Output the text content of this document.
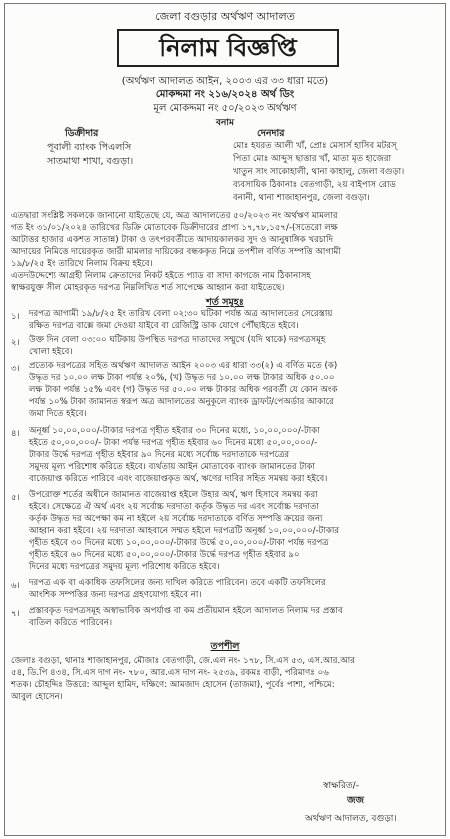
জেলা বগুড়ার অর্থঋণ আদালত
নিলাম বিজ্ঞপ্তি
(অর্থঋণ আদালত আইন, ২০০৩ এর ৩৩ ধারা মতে)
মোকদ্দমা নং ২১৬/২০২৪ অর্থ ডিং
মূল মোকদ্দমা নং ৫০/২০২৩ অর্থঋণ
বনাম
ডিক্রীদার
পূবালী ব্যাংক পিএলসি
সাতমাথা শাখা, বগুড়া।
দেনদার
মোঃ হযরত আলী খাঁ, প্রোঃ মেসার্স হাসিব মটরস্
পিতা মোঃ আব্দুস ছাত্তার খাঁ, মাতা মৃত হাজেরা
খাতুন সাং সাকোহালী, থানা কাহালু, জেলা বগুড়া।
ব্যবসায়িক ঠিকানাঃ বেতগাড়ী, ২য় বাইপাস রোড
বনানী, থানা শাজাহানপুর, জেলা বগুড়া।
এতদ্বারা সংশ্লিষ্ট সকলকে জানানো যাইতেছে যে, অত্র আদালতের ৫০/২০২৩ নং অর্থঋণ মামলার
গত ইং ৩১/০১/২০২৪ তারিখের ডিক্রি মোতাবেক ডিক্রীদারের প্রাপ্য ১৭,৭৮,১৫৭/-(সতেরো লক্ষ
আটাত্তর হাজার একশত সাতান্ন) টাকা ও তৎপরবর্তীতে আদায়কালকর সুদ ও আনুষাঙ্গিক খরচাদি
আদায়ের নিমিত্তে দায়েরকৃত জারী মামলার দায়িকের বন্ধককৃত নিম্নে তপশীল বর্ণিত সম্পত্তি আগামী
১৯/৮/২৫ ইং তারিখে নিলাম বিক্রয় হইবে।
এতদউদ্দেশ্যে আগ্রহী নিলাম ক্রেতাদের নিকট হইতে প্যাড বা সাদা কাগজে নাম ঠিকানাসহ
স্বাক্ষরযুক্ত সীল মোহরকৃত দরপত্র নিম্নলিখিত শর্ত সাপেক্ষে আহ্বান করা যাইতেছে।
শর্ত সমূহঃ
১। দরপত্র আগামী ১৯/৮/২৫ ইং তারিখ বেলা ০২:৩০ ঘটিকা পর্যন্ত অত্র আদালতের সেরেস্তায়
রক্ষিত দরপত্র বাক্সে জমা দেওয়া যাইবে বা রেজিস্ট্রি ডাক যোগে পৌঁছাইতে হইবে।
২। উক্ত দিন বেলা ০৩:০০ ঘটিকায় উপস্থিত দরপত্র দাতাদের সম্মুখে (যদি থাকে) দরপত্রসমূহ
খোলা হইবে।
৩। প্রত্যেক দরপত্রের সহিত অর্থঋণ আদালত আইন ২০০৩ এর ধারা ৩৩(২) এ বর্ণিত মতে (ক)
উদ্ধৃত দর ১০.০০ লক্ষ টাকা পর্যন্ত ২০%, (খ) উদ্ধৃত দর ১০.০০ লক্ষ টাকার অধিক ৫০.০০
লক্ষ টাকা পর্যন্ত ১৫% এবং (গ) উদ্ধৃত দর ৫০.০০ লক্ষ টাকার অধিক পরবর্তী যে কোন অংক
পর্যন্ত ১০% টাকা জামানত স্বরূপ অত্র আদালতের অনুকূলে ব্যাংক ড্রাফট/পেঅর্ডার আকারে
জমা দিতে হইবে।
৪। অনূর্ধ্ব ১০,০০,০০০/-টাকার দরপত্র গৃহীত হইবার ৩০ দিনের মধ্যে, ১০,০০,০০০/-টাকা
হইতে ৫০,০০,০০০/- টাকা পর্যন্ত দরপত্র গৃহীত হইবার ৬০ দিনের মধ্যে ৫০,০০,০০০/-
টাকার উর্দ্ধে দরপত্র গৃহীত হইবার ৯০ দিনের মধ্যে সর্বোচ্চ দরদাতাকে দরপত্রের
সমুদয় মূল্য পরিশোধ করিতে হইবে। ব্যর্থতায় আইন মোতাবেক ব্যাংক জামানতের টাকা
বাজেয়াপ্ত করিতে পারিবে এবং বাজেয়াপ্তকৃত অর্থ, ঋণের দাবির সহিত সমন্বয় করা হইবে।
৫। উপরোক্ত শর্তের অধীনে জামানত বাজেয়াপ্ত হইলে উহার অর্থ, ঋণ হিসাবে সমন্বয় করা
হইবে। সেক্ষেত্রে ঐ অর্থ এবং ২য় সর্বোচ্চ দরদাতা কর্তৃক উদ্ধৃত দর এবং সর্বোচ্চ দরদাতা
কর্তৃক উদ্ধৃত দর অপেক্ষা কম না হইলে ২য় সর্বোচ্চ দরদাতাকে বর্ণিত সম্পত্তি ক্রয়ের জন্য
আহ্বান করা হইবে। ২য় দরদাতা আহবানে সম্মত হইলে দরপত্রটি অনূর্ধ্ব ১০,০০,০০০/-টাকার
গৃহীত হইবে ৩০ দিনের মধ্যে ১০,০০,০০০/-টাকার উর্দ্ধে ৫০,০০,০০০/-টাকা পর্যন্ত দরপত্র
গৃহীত হইবে ৬০ দিনের মধ্যে ৫০,০০,০০০/-টাকার উর্দ্ধে দরপত্র গৃহীত হইবার ৯০
দিনের মধ্যে দরপত্রের সমুদয় মূল্য পরিশোধ করিতে হইবে।
৬। দরপত্র এক বা একাধিক তফসিলের জন্য দাখিল করিতে পারিবেন। তবে একটি তফসিলের
আংশিক সম্পত্তির জন্য দরপত্র গ্রহণযোগ্য হইবে না।
৭। প্রস্তাবকৃত দরপত্রসমূহ অস্বাভাবিক অপর্যাপ্ত বা কম প্রতীয়মান হইলে আদালত নিলাম দর প্রস্তাব
বাতিল করিতে পারিবেন।
তপশীল
জেলাঃ বগুড়া, থানাঃ শাজাহানপুর, মৌজাঃ বেতগাড়ী, জে.এল নং- ১৭৮, সি.এস ৫৩, এস.আর.আর
৫৪, ডি.পি ৪৩৪, সি.এস দাগ নং- ৭৮০, আর.এস দাগ নং- ২৫৩৯, রকমঃ বাড়ী, পরিমাণঃ ০৬
শতক। চৌহদ্দিঃ উত্তরে: আব্দুল হামিদ, দক্ষিণে: আমজাদ হোসেন (তাজমা), পূর্বেঃ পাশা, পশ্চিমে:
আবুল হোসেন।
স্বাক্ষরিত/-
জজ
অর্থঋণ আদালত, বগুড়া।
